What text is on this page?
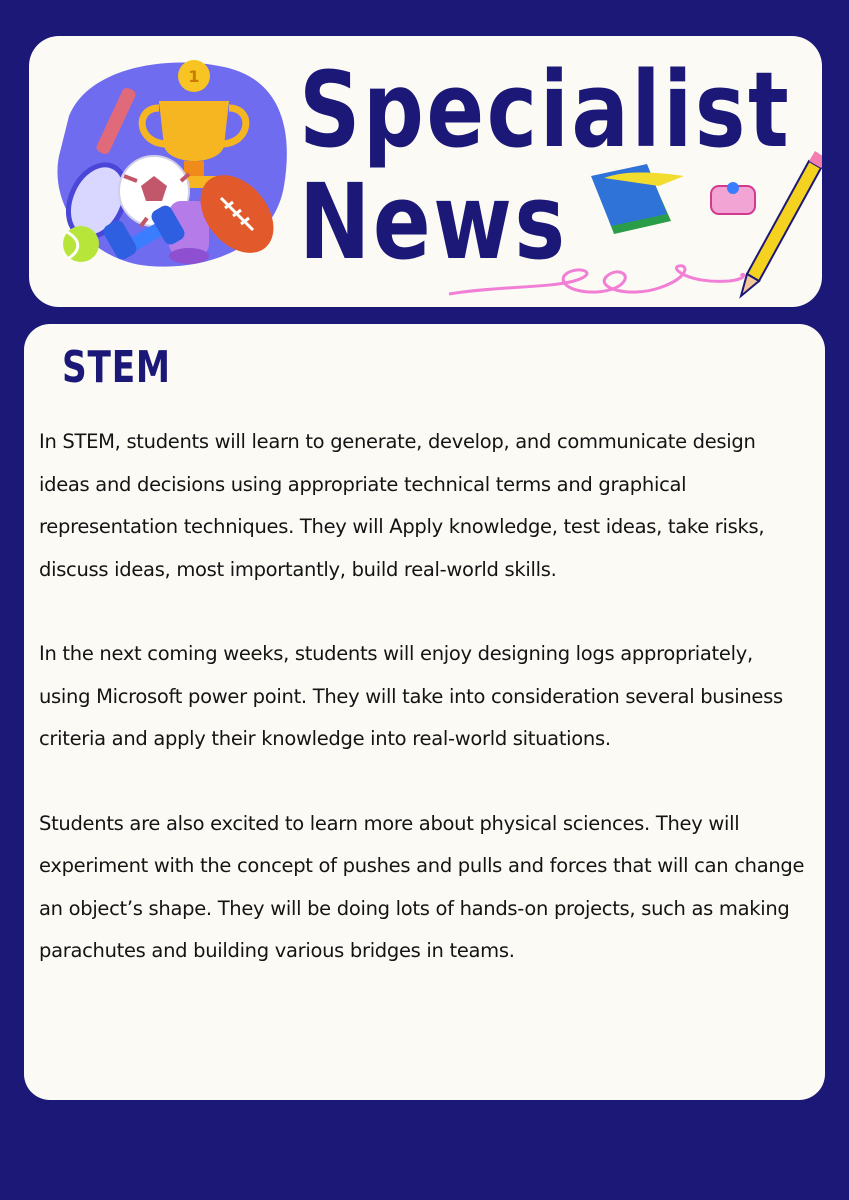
1 Specialist
News
STEM

In STEM, students will learn to generate, develop, and communicate design ideas and decisions using appropriate technical terms and graphical representation techniques. They will Apply knowledge, test ideas, take risks, discuss ideas, most importantly, build real-world skills.

In the next coming weeks, students will enjoy designing logs appropriately, using Microsoft power point. They will take into consideration several business criteria and apply their knowledge into real-world situations.

Students are also excited to learn more about physical sciences. They will experiment with the concept of pushes and pulls and forces that will can change an object’s shape. They will be doing lots of hands-on projects, such as making parachutes and building various bridges in teams.
